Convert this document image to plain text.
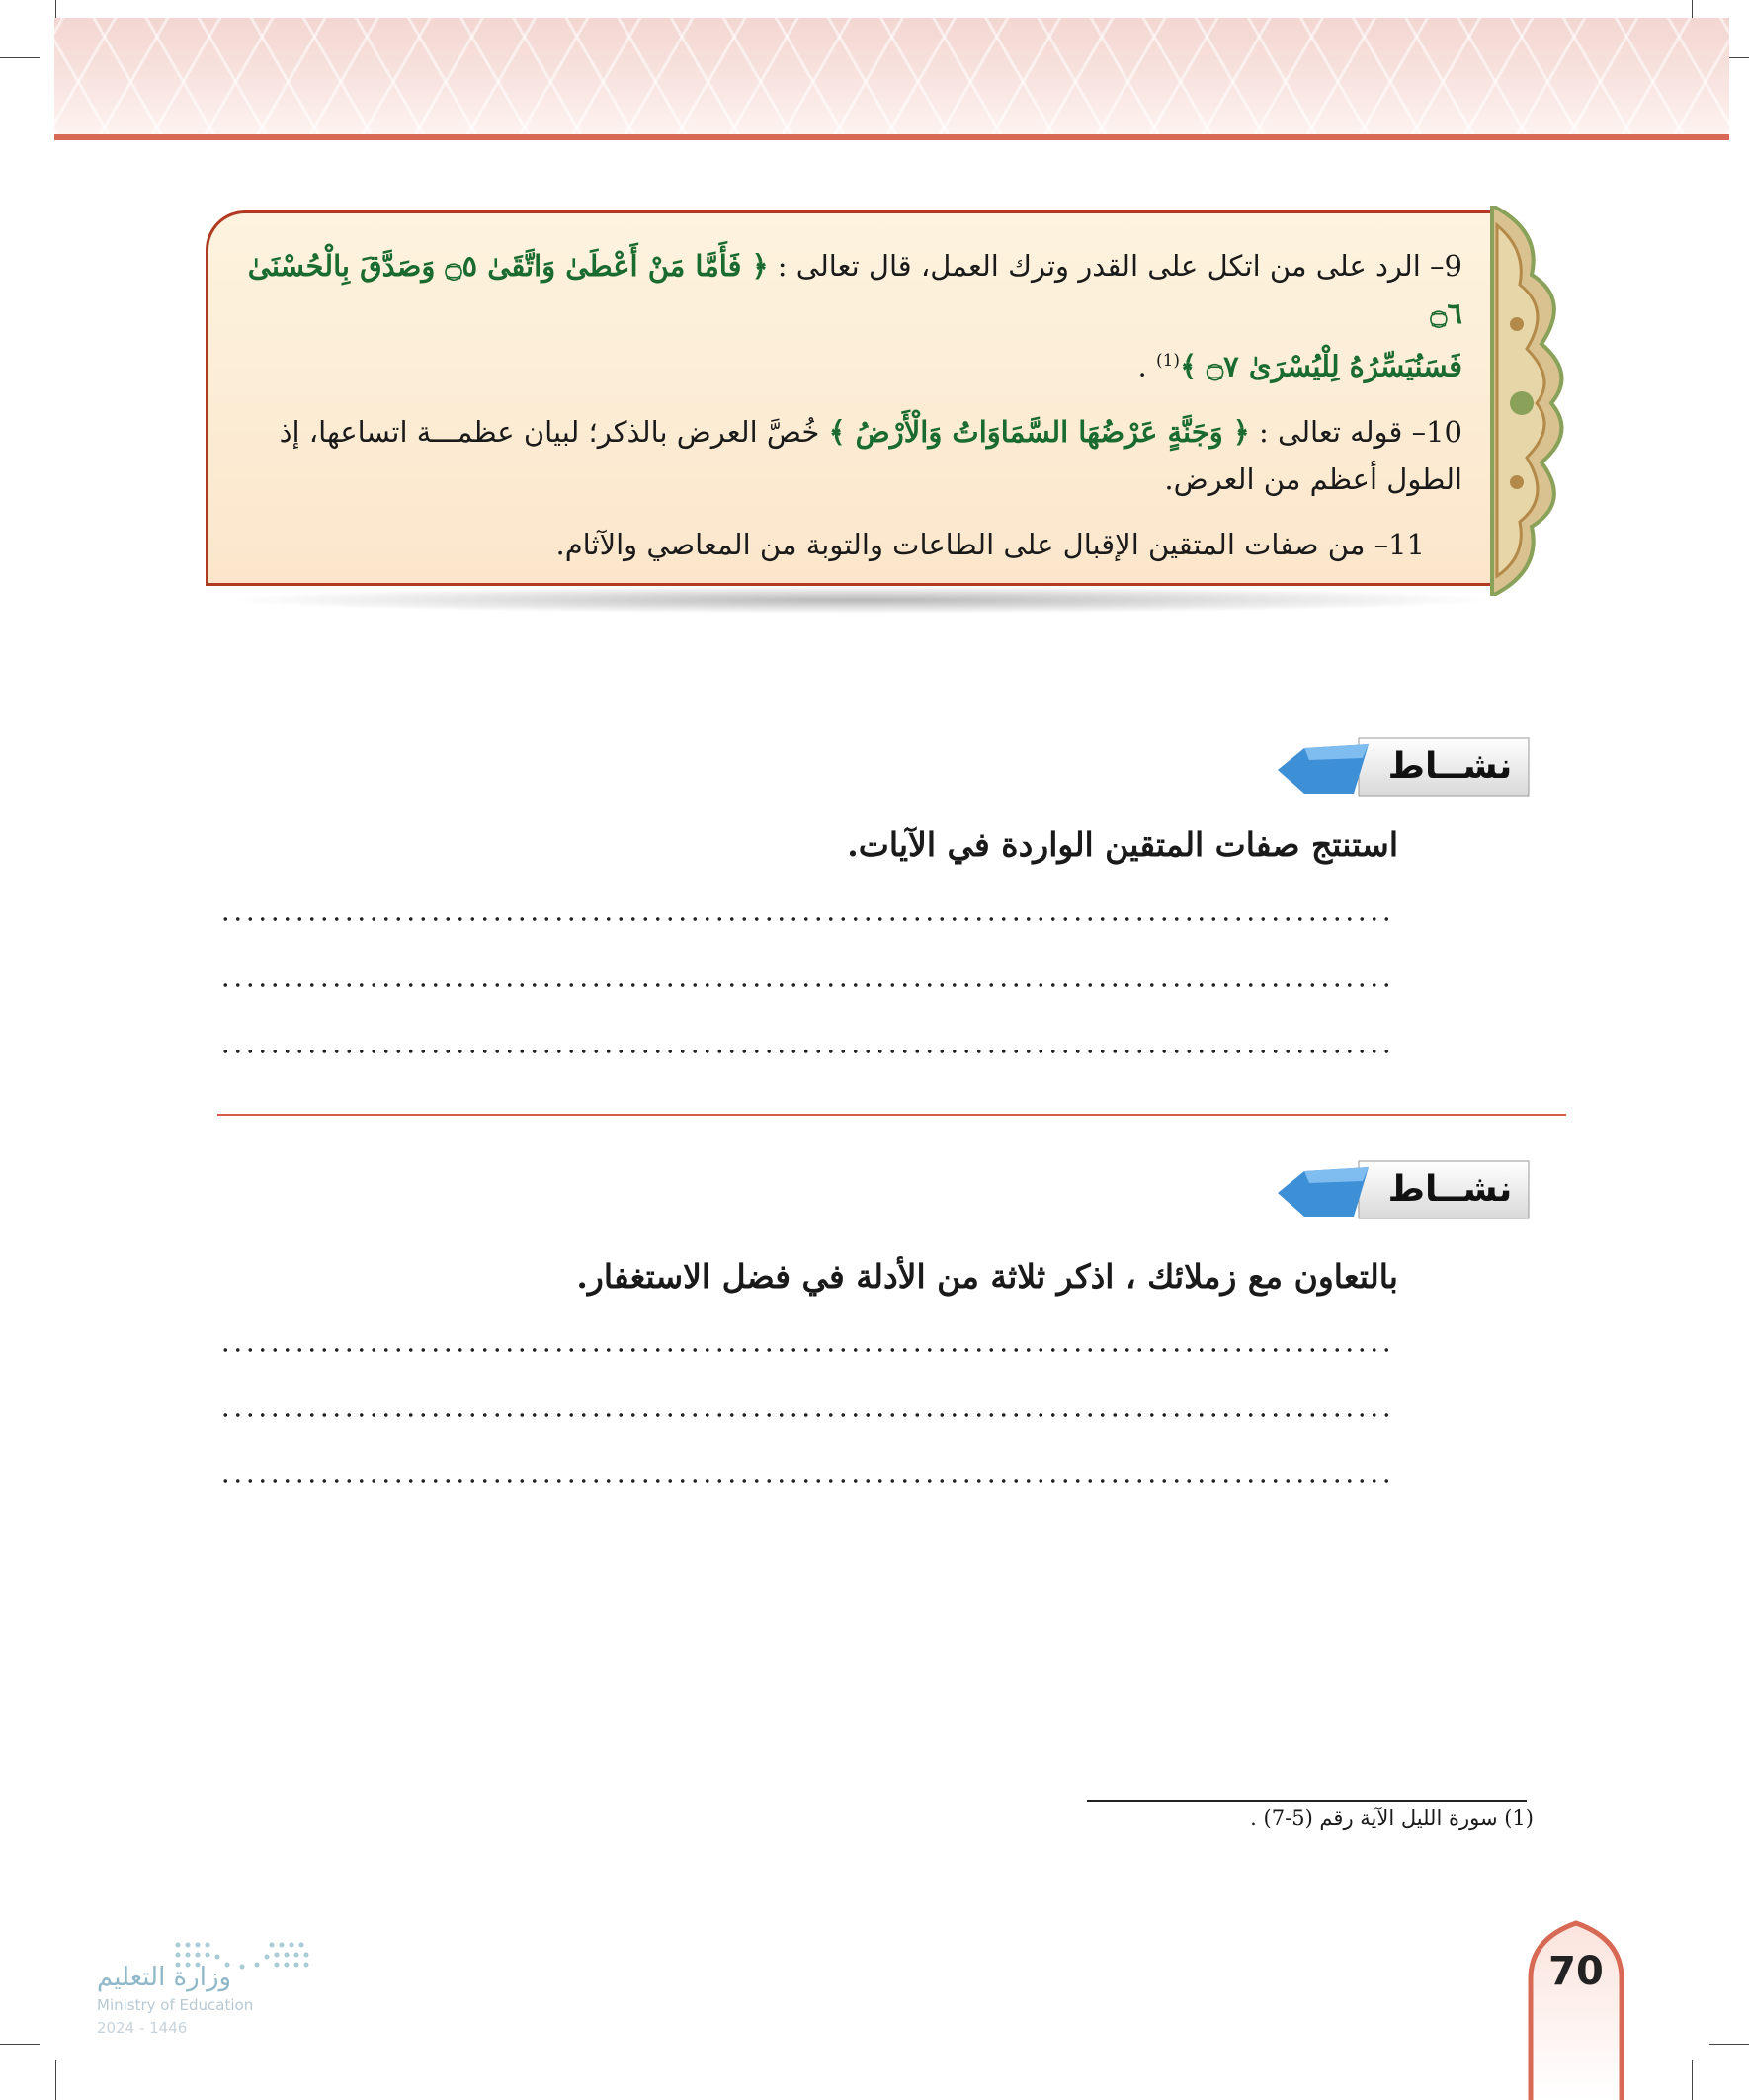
9– الرد على من اتكل على القدر وترك العمل، قال تعالى : ﴿ فَأَمَّا مَنْ أَعْطَىٰ وَاتَّقَىٰ ۝٥ وَصَدَّقَ بِالْحُسْنَىٰ ۝٦
فَسَنُيَسِّرُهُ لِلْيُسْرَىٰ ۝٧ ﴾$^{(1)}$ .
10– قوله تعالى : ﴿ وَجَنَّةٍ عَرْضُهَا السَّمَاوَاتُ وَالْأَرْضُ ﴾ خُصَّ العرض بالذكر؛ لبيان عظمـــة اتساعها، إذ
الطول أعظم من العرض.
11– من صفات المتقين الإقبال على الطاعات والتوبة من المعاصي والآثام.
نشــاط
استنتج صفات المتقين الواردة في الآيات.
نشــاط
بالتعاون مع زملائك ، اذكر ثلاثة من الأدلة في فضل الاستغفار.
(1) سورة الليل الآية رقم (5-7) .
وزارة التعليم
Ministry of Education
2024 - 1446
70
